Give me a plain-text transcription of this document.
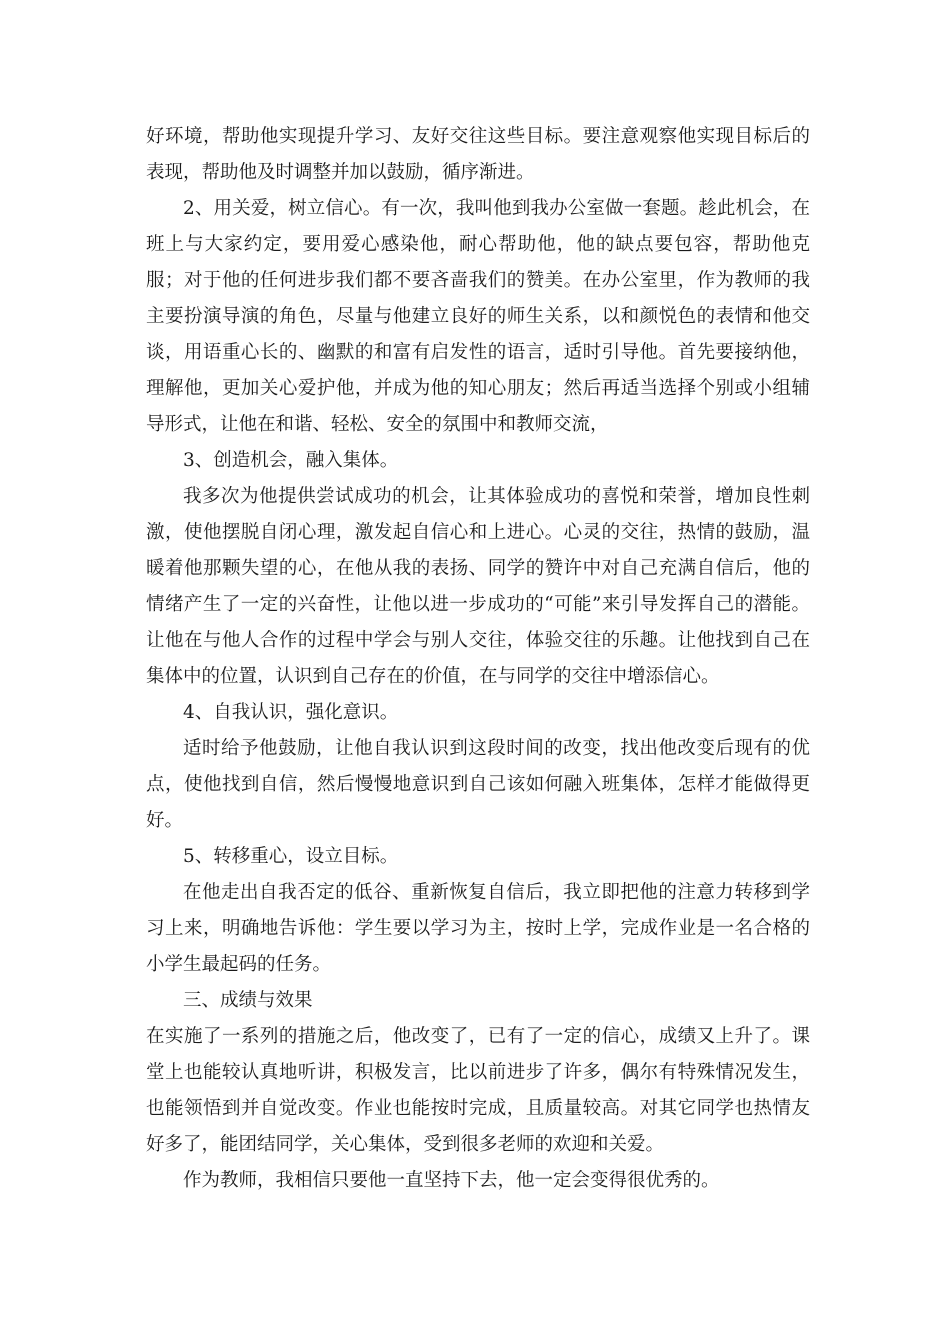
好环境，帮助他实现提升学习、友好交往这些目标。要注意观察他实现目标后的表现，帮助他及时调整并加以鼓励，循序渐进。

2、用关爱，树立信心。有一次，我叫他到我办公室做一套题。趁此机会，在班上与大家约定，要用爱心感染他，耐心帮助他，他的缺点要包容，帮助他克服；对于他的任何进步我们都不要吝啬我们的赞美。在办公室里，作为教师的我主要扮演导演的角色，尽量与他建立良好的师生关系，以和颜悦色的表情和他交谈，用语重心长的、幽默的和富有启发性的语言，适时引导他。首先要接纳他，理解他，更加关心爱护他，并成为他的知心朋友；然后再适当选择个别或小组辅导形式，让他在和谐、轻松、安全的氛围中和教师交流，

3、创造机会，融入集体。

我多次为他提供尝试成功的机会，让其体验成功的喜悦和荣誉，增加良性刺激，使他摆脱自闭心理，激发起自信心和上进心。心灵的交往，热情的鼓励，温暖着他那颗失望的心，在他从我的表扬、同学的赞许中对自己充满自信后，他的情绪产生了一定的兴奋性，让他以进一步成功的“可能”来引导发挥自己的潜能。让他在与他人合作的过程中学会与别人交往，体验交往的乐趣。让他找到自己在集体中的位置，认识到自己存在的价值，在与同学的交往中增添信心。

4、自我认识，强化意识。

适时给予他鼓励，让他自我认识到这段时间的改变，找出他改变后现有的优点，使他找到自信，然后慢慢地意识到自己该如何融入班集体，怎样才能做得更好。

5、转移重心，设立目标。

在他走出自我否定的低谷、重新恢复自信后，我立即把他的注意力转移到学习上来，明确地告诉他：学生要以学习为主，按时上学，完成作业是一名合格的小学生最起码的任务。

三、成绩与效果

在实施了一系列的措施之后，他改变了，已有了一定的信心，成绩又上升了。课堂上也能较认真地听讲，积极发言，比以前进步了许多，偶尔有特殊情况发生，也能领悟到并自觉改变。作业也能按时完成，且质量较高。对其它同学也热情友好多了，能团结同学，关心集体，受到很多老师的欢迎和关爱。

作为教师，我相信只要他一直坚持下去，他一定会变得很优秀的。
